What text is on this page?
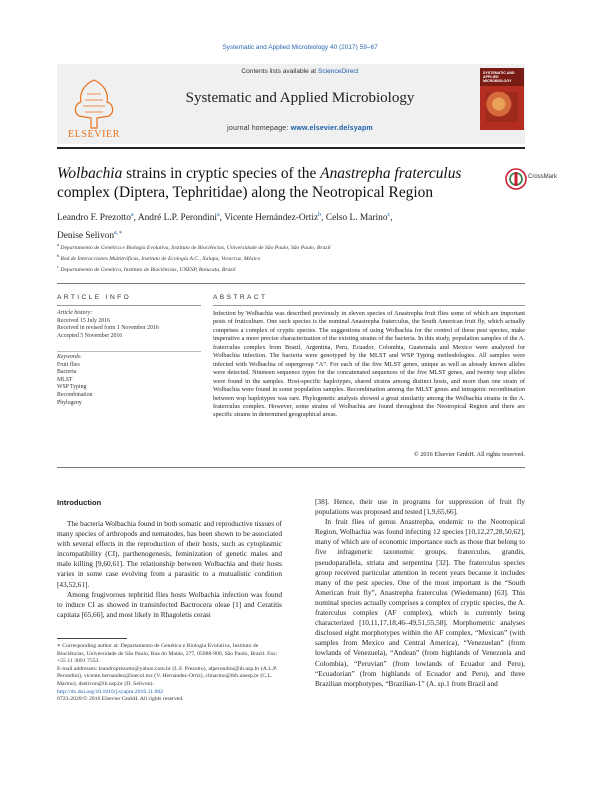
Systematic and Applied Microbiology 40 (2017) 59–67
ELSEVIER
Contents lists available at ScienceDirect
Systematic and Applied Microbiology
journal homepage: www.elsevier.de/syapm
SYSTEMATIC AND APPLIED MICROBIOLOGY
Wolbachia strains in cryptic species of the Anastrepha fraterculus complex (Diptera, Tephritidae) along the Neotropical Region
CrossMark
Leandro F. Prezotto$^a$, André L.P. Perondini$^a$, Vicente Hernández-Ortiz$^b$, Celso L. Marino$^c$,
Denise Selivon$^{a,∗}$
$^a$ Departamento de Genética e Biologia Evolutiva, Instituto de Biociências, Universidade de São Paulo, São Paulo, Brazil
$^b$ Red de Interacciones Multitróficas, Instituto de Ecología A.C., Xalapa, Veracruz, México
$^c$ Departamento de Genética, Instituto de Biociências, UNESP, Botucatu, Brazil
ARTICLE INFO
Article history:
Received 15 July 2016
Received in revised form 1 November 2016
Accepted 5 November 2016
Keywords:
Fruit flies
Bacteria
MLST
WSP Typing
Recombination
Phylogeny
ABSTRACT
Infection by Wolbachia was described previously in eleven species of Anastrepha fruit flies some of which are important pests of fruticulture. One such species is the nominal Anastrepha fraterculus, the South American fruit fly, which actually comprises a complex of cryptic species. The suggestions of using Wolbachia for the control of these pest species, make imperative a more precise characterization of the existing strains of the bacteria. In this study, population samples of the A. fraterculus complex from Brazil, Argentina, Peru, Ecuador, Colombia, Guatemala and Mexico were analyzed for Wolbachia infection. The bacteria were genotyped by the MLST and WSP Typing methodologies. All samples were infected with Wolbachia of supergroup “A”. For each of the five MLST genes, unique as well as already known alleles were detected. Nineteen sequence types for the concatenated sequences of the five MLST genes, and twenty wsp alleles were found in the samples. Host-specific haplotypes, shared strains among distinct hosts, and more than one strain of Wolbachia were found in some population samples. Recombination among the MLST genes and intragenic recombination between wsp haplotypes was rare. Phylogenetic analysis showed a great similarity among the Wolbachia strains in the A. fraterculus complex. However, some strains of Wolbachia are found throughout the Neotropical Region and there are specific strains in determined geographical areas.
© 2016 Elsevier GmbH. All rights reserved.
Introduction

The bacteria Wolbachia found in both somatic and reproductive tissues of many species of arthropods and nematodes, has been shown to be associated with several effects in the reproduction of their hosts, such as cytoplasmic incompatibility (CI), parthenogenesis, feminization of genetic males and male killing [9,60,61]. The relationship between Wolbachia and their hosts varies in some case evolving from a parasitic to a mutualistic condition [43,52,61].

Among frugivorous tephritid flies hosts Wolbachia infection was found to induce CI as showed in transinfected Bactrocera oleae [1] and Ceratitis capitata [65,66], and most likely in Rhagoletis cerasi

[38]. Hence, their use in programs for suppression of fruit fly populations was proposed and tested [1,9,65,66].

In fruit flies of genus Anastrepha, endemic to the Neotropical Region, Wolbachia was found infecting 12 species [10,12,27,28,50,62], many of which are of economic importance such as those that belong to five infrageneric taxonomic groups, fraterculus, grandis, pseudoparallela, striata and serpentina [32]. The fraterculus species group received particular attention in recent years because it includes many of the pest species. One of the most important is the “South American fruit fly”, Anastrepha fraterculus (Wiedemann) [63]. This nominal species actually comprises a complex of cryptic species, the A. fraterculus complex (AF complex), which is currently being characterized [10,11,17,18,46–49,51,55,58]. Morphometric analyses disclosed eight morphotypes within the AF complex, “Mexican” (with samples from Mexico and Central America), “Venezuelan” (from lowlands of Venezuela), “Andean” (from highlands of Venezuela and Colombia), “Peruvian” (from lowlands of Ecuador and Peru), “Ecuadorian” (from highlands of Ecuador and Peru), and three Brazilian morphotypes, “Brazilian-1” (A. sp.1 from Brazil and

∗ Corresponding author at: Departamento de Genética e Biologia Evolutiva, Instituto de Biociências, Universidade de São Paulo, Rua do Matão, 277, 05088-900, São Paulo, Brazil. Fax: +55 11 3091 7553.
E-mail addresses: leandroprezotto@yahoo.com.br (L.F. Prezotto), alperondini@ib.usp.br (A.L.P. Perondini), vicente.hernandez@inecol.mx (V. Hernández-Ortiz), clmarino@ibb.unesp.br (C.L. Marino), dselivon@ib.usp.br (D. Selivon).
http://dx.doi.org/10.1016/j.syapm.2016.11.002
0723-2020/© 2016 Elsevier GmbH. All rights reserved.
